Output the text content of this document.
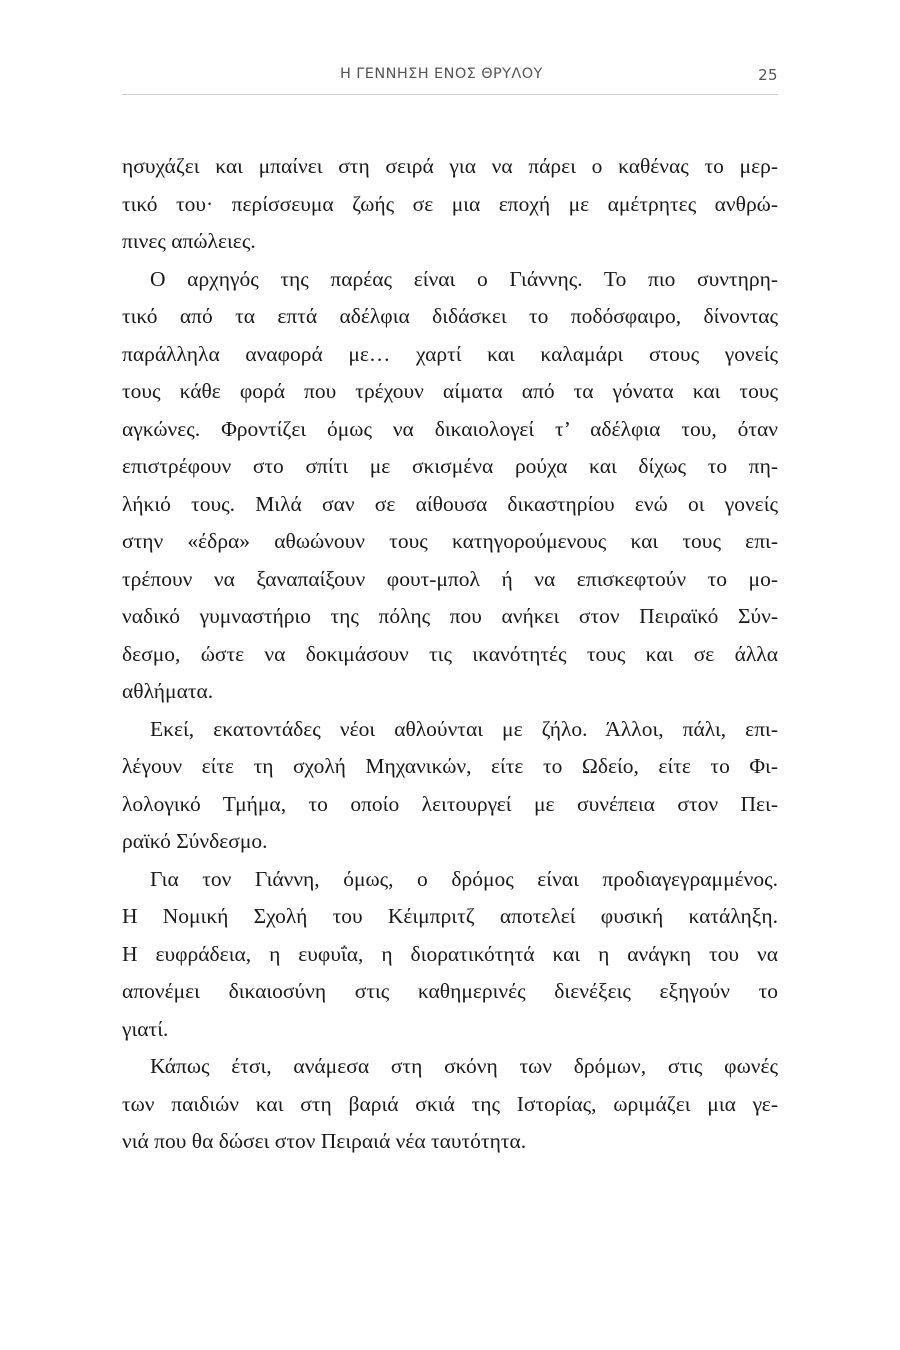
Η ΓΕΝΝΗΣΗ ΕΝΟΣ ΘΡΥΛΟΥ	25
ησυχάζει και μπαίνει στη σειρά για να πάρει ο καθένας το μερ-
τικό του· περίσσευμα ζωής σε μια εποχή με αμέτρητες ανθρώ-
πινες απώλειες.
Ο αρχηγός της παρέας είναι ο Γιάννης. Το πιο συντηρη-
τικό από τα επτά αδέλφια διδάσκει το ποδόσφαιρο, δίνοντας
παράλληλα αναφορά με… χαρτί και καλαμάρι στους γονείς
τους κάθε φορά που τρέχουν αίματα από τα γόνατα και τους
αγκώνες. Φροντίζει όμως να δικαιολογεί τ’ αδέλφια του, όταν
επιστρέφουν στο σπίτι με σκισμένα ρούχα και δίχως το πη-
λήκιό τους. Μιλά σαν σε αίθουσα δικαστηρίου ενώ οι γονείς
στην «έδρα» αθωώνουν τους κατηγορούμενους και τους επι-
τρέπουν να ξαναπαίξουν φουτ-μπολ ή να επισκεφτούν το μο-
ναδικό γυμναστήριο της πόλης που ανήκει στον Πειραϊκό Σύν-
δεσμο, ώστε να δοκιμάσουν τις ικανότητές τους και σε άλλα
αθλήματα.
Εκεί, εκατοντάδες νέοι αθλούνται με ζήλο. Άλλοι, πάλι, επι-
λέγουν είτε τη σχολή Μηχανικών, είτε το Ωδείο, είτε το Φι-
λολογικό Τμήμα, το οποίο λειτουργεί με συνέπεια στον Πει-
ραϊκό Σύνδεσμο.
Για τον Γιάννη, όμως, ο δρόμος είναι προδιαγεγραμμένος.
Η Νομική Σχολή του Κέιμπριτζ αποτελεί φυσική κατάληξη.
Η ευφράδεια, η ευφυΐα, η διορατικότητά και η ανάγκη του να
απονέμει δικαιοσύνη στις καθημερινές διενέξεις εξηγούν το
γιατί.
Κάπως έτσι, ανάμεσα στη σκόνη των δρόμων, στις φωνές
των παιδιών και στη βαριά σκιά της Ιστορίας, ωριμάζει μια γε-
νιά που θα δώσει στον Πειραιά νέα ταυτότητα.
